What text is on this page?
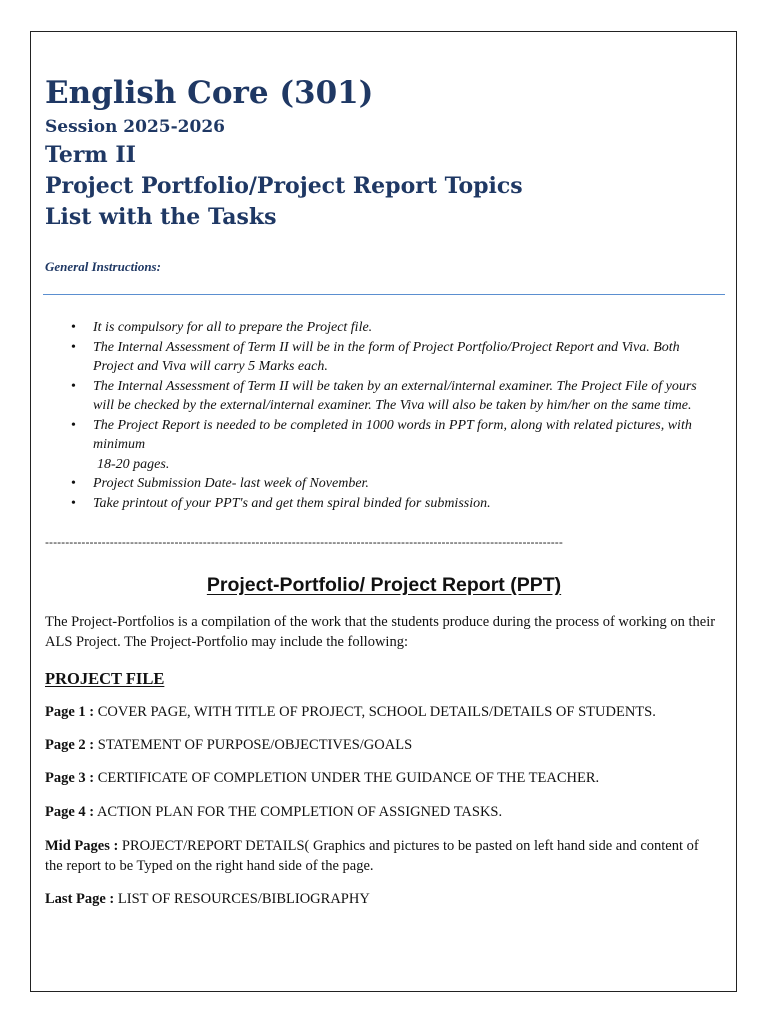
English Core (301)
Session 2025-2026
Term II
Project Portfolio/Project Report Topics
List with the Tasks
General Instructions:
• It is compulsory for all to prepare the Project file.
• The Internal Assessment of Term II will be in the form of Project Portfolio/Project Report and Viva. Both Project and Viva will carry 5 Marks each.
• The Internal Assessment of Term II will be taken by an external/internal examiner. The Project File of yours will be checked by the external/internal examiner. The Viva will also be taken by him/her on the same time.
• The Project Report is needed to be completed in 1000 words in PPT form, along with related pictures, with minimum
18-20 pages.
• Project Submission Date- last week of November.
• Take printout of your PPT's and get them spiral binded for submission.
--------------------------------------------------------------------------------------------------------------------------------
Project-Portfolio/ Project Report (PPT)

The Project-Portfolios is a compilation of the work that the students produce during the process of working on their ALS Project. The Project-Portfolio may include the following:

PROJECT FILE

Page 1 : COVER PAGE, WITH TITLE OF PROJECT, SCHOOL DETAILS/DETAILS OF STUDENTS.

Page 2 : STATEMENT OF PURPOSE/OBJECTIVES/GOALS

Page 3 : CERTIFICATE OF COMPLETION UNDER THE GUIDANCE OF THE TEACHER.

Page 4 : ACTION PLAN FOR THE COMPLETION OF ASSIGNED TASKS.

Mid Pages : PROJECT/REPORT DETAILS( Graphics and pictures to be pasted on left hand side and content of the report to be Typed on the right hand side of the page.

Last Page : LIST OF RESOURCES/BIBLIOGRAPHY
